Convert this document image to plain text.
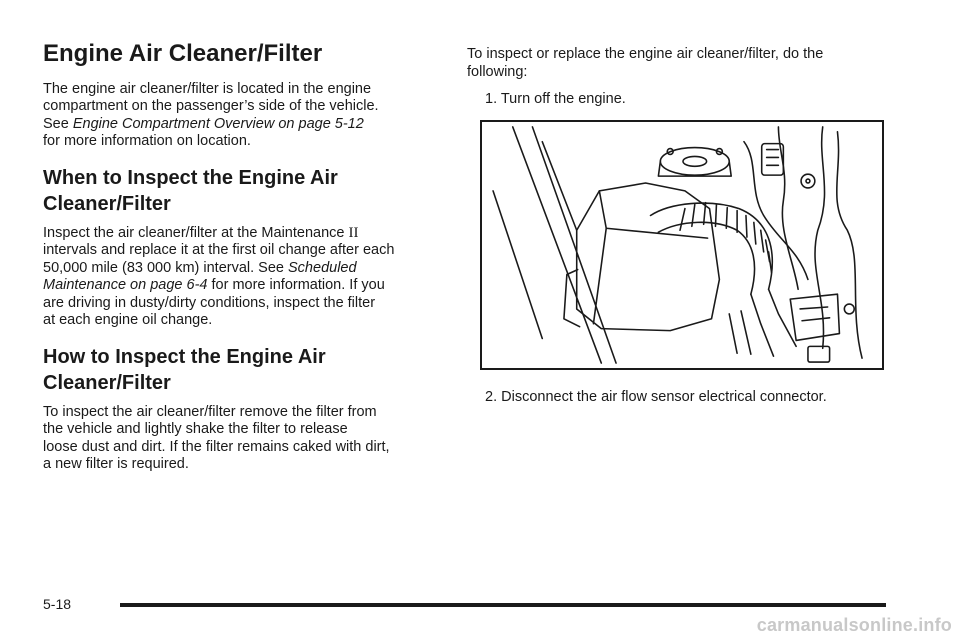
Engine Air Cleaner/Filter

The engine air cleaner/filter is located in the engine
compartment on the passenger’s side of the vehicle.
See Engine Compartment Overview on page 5-12
for more information on location.

When to Inspect the Engine Air
Cleaner/Filter

Inspect the air cleaner/filter at the Maintenance II
intervals and replace it at the first oil change after each
50,000 mile (83 000 km) interval. See Scheduled
Maintenance on page 6-4 for more information. If you
are driving in dusty/dirty conditions, inspect the filter
at each engine oil change.

How to Inspect the Engine Air
Cleaner/Filter

To inspect the air cleaner/filter remove the filter from
the vehicle and lightly shake the filter to release
loose dust and dirt. If the filter remains caked with dirt,
a new filter is required.

To inspect or replace the engine air cleaner/filter, do the
following:

1. Turn off the engine.
2. Disconnect the air flow sensor electrical connector.
5-18
carmanualsonline.info
